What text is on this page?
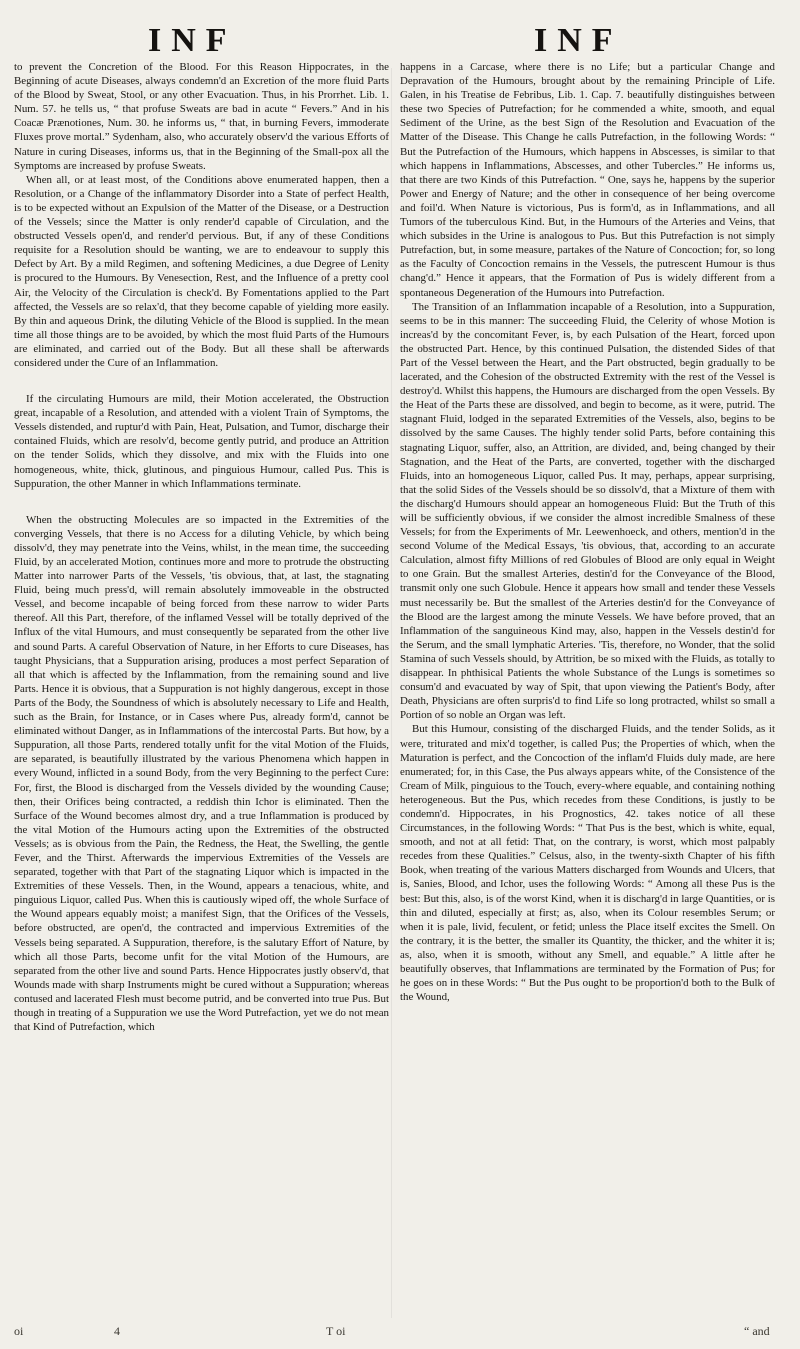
INF	INF

to prevent the Concretion of the Blood. For this Reason Hippocrates, in the Beginning of acute Diseases, always condemn'd an Excretion of the more fluid Parts of the Blood by Sweat, Stool, or any other Evacuation. Thus, in his Prorrhet. Lib. 1. Num. 57. he tells us, “ that profuse Sweats are bad in acute “ Fevers.” And in his Coacæ Prænotiones, Num. 30. he informs us, “ that, in burning Fevers, immoderate Fluxes prove mortal.” Sydenham, also, who accurately observ'd the various Efforts of Nature in curing Diseases, informs us, that in the Beginning of the Small-pox all the Symptoms are increased by profuse Sweats.

When all, or at least most, of the Conditions above enumerated happen, then a Resolution, or a Change of the inflammatory Disorder into a State of perfect Health, is to be expected without an Expulsion of the Matter of the Disease, or a Destruction of the Vessels; since the Matter is only render'd capable of Circulation, and the obstructed Vessels open'd, and render'd pervious. But, if any of these Conditions requisite for a Resolution should be wanting, we are to endeavour to supply this Defect by Art. By a mild Regimen, and softening Medicines, a due Degree of Lenity is procured to the Humours. By Venesection, Rest, and the Influence of a pretty cool Air, the Velocity of the Circulation is check'd. By Fomentations applied to the Part affected, the Vessels are so relax'd, that they become capable of yielding more easily. By thin and aqueous Drink, the diluting Vehicle of the Blood is supplied. In the mean time all those things are to be avoided, by which the most fluid Parts of the Humours are eliminated, and carried out of the Body. But all these shall be afterwards considered under the Cure of an Inflammation.

If the circulating Humours are mild, their Motion accelerated, the Obstruction great, incapable of a Resolution, and attended with a violent Train of Symptoms, the Vessels distended, and ruptur'd with Pain, Heat, Pulsation, and Tumor, discharge their contained Fluids, which are resolv'd, become gently putrid, and produce an Attrition on the tender Solids, which they dissolve, and mix with the Fluids into one homogeneous, white, thick, glutinous, and pinguious Humour, called Pus. This is Suppuration, the other Manner in which Inflammations terminate.

When the obstructing Molecules are so impacted in the Extremities of the converging Vessels, that there is no Access for a diluting Vehicle, by which being dissolv'd, they may penetrate into the Veins, whilst, in the mean time, the succeeding Fluid, by an accelerated Motion, continues more and more to protrude the obstructing Matter into narrower Parts of the Vessels, 'tis obvious, that, at last, the stagnating Fluid, being much press'd, will remain absolutely immoveable in the obstructed Vessel, and become incapable of being forced from these narrow to wider Parts thereof. All this Part, therefore, of the inflamed Vessel will be totally deprived of the Influx of the vital Humours, and must consequently be separated from the other live and sound Parts. A careful Observation of Nature, in her Efforts to cure Diseases, has taught Physicians, that a Suppuration arising, produces a most perfect Separation of all that which is affected by the Inflammation, from the remaining sound and live Parts. Hence it is obvious, that a Suppuration is not highly dangerous, except in those Parts of the Body, the Soundness of which is absolutely necessary to Life and Health, such as the Brain, for Instance, or in Cases where Pus, already form'd, cannot be eliminated without Danger, as in Inflammations of the intercostal Parts. But how, by a Suppuration, all those Parts, rendered totally unfit for the vital Motion of the Fluids, are separated, is beautifully illustrated by the various Phenomena which happen in every Wound, inflicted in a sound Body, from the very Beginning to the perfect Cure: For, first, the Blood is discharged from the Vessels divided by the wounding Cause; then, their Orifices being contracted, a reddish thin Ichor is eliminated. Then the Surface of the Wound becomes almost dry, and a true Inflammation is produced by the vital Motion of the Humours acting upon the Extremities of the obstructed Vessels; as is obvious from the Pain, the Redness, the Heat, the Swelling, the gentle Fever, and the Thirst. Afterwards the impervious Extremities of the Vessels are separated, together with that Part of the stagnating Liquor which is impacted in the Extremities of these Vessels. Then, in the Wound, appears a tenacious, white, and pinguious Liquor, called Pus. When this is cautiously wiped off, the whole Surface of the Wound appears equably moist; a manifest Sign, that the Orifices of the Vessels, before obstructed, are open'd, the contracted and impervious Extremities of the Vessels being separated. A Suppuration, therefore, is the salutary Effort of Nature, by which all those Parts, become unfit for the vital Motion of the Humours, are separated from the other live and sound Parts. Hence Hippocrates justly observ'd, that Wounds made with sharp Instruments might be cured without a Suppuration; whereas contused and lacerated Flesh must become putrid, and be converted into true Pus. But though in treating of a Suppuration we use the Word Putrefaction, yet we do not mean that Kind of Putrefaction, which

happens in a Carcase, where there is no Life; but a particular Change and Depravation of the Humours, brought about by the remaining Principle of Life. Galen, in his Treatise de Febribus, Lib. 1. Cap. 7. beautifully distinguishes between these two Species of Putrefaction; for he commended a white, smooth, and equal Sediment of the Urine, as the best Sign of the Resolution and Evacuation of the Matter of the Disease. This Change he calls Putrefaction, in the following Words: “ But the Putrefaction of the Humours, which happens in Abscesses, is similar to that which happens in Inflammations, Abscesses, and other Tubercles.” He informs us, that there are two Kinds of this Putrefaction. “ One, says he, happens by the superior Power and Energy of Nature; and the other in consequence of her being overcome and foil'd. When Nature is victorious, Pus is form'd, as in Inflammations, and all Tumors of the tuberculous Kind. But, in the Humours of the Arteries and Veins, that which subsides in the Urine is analogous to Pus. But this Putrefaction is not simply Putrefaction, but, in some measure, partakes of the Nature of Concoction; for, so long as the Faculty of Concoction remains in the Vessels, the putrescent Humour is thus chang'd.” Hence it appears, that the Formation of Pus is widely different from a spontaneous Degeneration of the Humours into Putrefaction.

The Transition of an Inflammation incapable of a Resolution, into a Suppuration, seems to be in this manner: The succeeding Fluid, the Celerity of whose Motion is increas'd by the concomitant Fever, is, by each Pulsation of the Heart, forced upon the obstructed Part. Hence, by this continued Pulsation, the distended Sides of that Part of the Vessel between the Heart, and the Part obstructed, begin gradually to be lacerated, and the Cohesion of the obstructed Extremity with the rest of the Vessel is destroy'd. Whilst this happens, the Humours are discharged from the open Vessels. By the Heat of the Parts these are dissolved, and begin to become, as it were, putrid. The stagnant Fluid, lodged in the separated Extremities of the Vessels, also, begins to be dissolved by the same Causes. The highly tender solid Parts, before containing this stagnating Liquor, suffer, also, an Attrition, are divided, and, being changed by their Stagnation, and the Heat of the Parts, are converted, together with the discharged Fluids, into an homogeneous Liquor, called Pus. It may, perhaps, appear surprising, that the solid Sides of the Vessels should be so dissolv'd, that a Mixture of them with the discharg'd Humours should appear an homogeneous Fluid: But the Truth of this will be sufficiently obvious, if we consider the almost incredible Smalness of these Vessels; for from the Experiments of Mr. Leewenhoeck, and others, mention'd in the second Volume of the Medical Essays, 'tis obvious, that, according to an accurate Calculation, almost fifty Millions of red Globules of Blood are only equal in Weight to one Grain. But the smallest Arteries, destin'd for the Conveyance of the Blood, transmit only one such Globule. Hence it appears how small and tender these Vessels must necessarily be. But the smallest of the Arteries destin'd for the Conveyance of the Blood are the largest among the minute Vessels. We have before proved, that an Inflammation of the sanguineous Kind may, also, happen in the Vessels destin'd for the Serum, and the small lymphatic Arteries. 'Tis, therefore, no Wonder, that the solid Stamina of such Vessels should, by Attrition, be so mixed with the Fluids, as totally to disappear. In phthisical Patients the whole Substance of the Lungs is sometimes so consum'd and evacuated by way of Spit, that upon viewing the Patient's Body, after Death, Physicians are often surpris'd to find Life so long protracted, whilst so small a Portion of so noble an Organ was left.

But this Humour, consisting of the discharged Fluids, and the tender Solids, as it were, triturated and mix'd together, is called Pus; the Properties of which, when the Maturation is perfect, and the Concoction of the inflam'd Fluids duly made, are here enumerated; for, in this Case, the Pus always appears white, of the Consistence of the Cream of Milk, pinguious to the Touch, every-where equable, and containing nothing heterogeneous. But the Pus, which recedes from these Conditions, is justly to be condemn'd. Hippocrates, in his Prognostics, 42. takes notice of all these Circumstances, in the following Words: “ That Pus is the best, which is white, equal, smooth, and not at all fetid: That, on the contrary, is worst, which most palpably recedes from these Qualities.” Celsus, also, in the twenty-sixth Chapter of his fifth Book, when treating of the various Matters discharged from Wounds and Ulcers, that is, Sanies, Blood, and Ichor, uses the following Words: “ Among all these Pus is the best: But this, also, is of the worst Kind, when it is discharg'd in large Quantities, or is thin and diluted, especially at first; as, also, when its Colour resembles Serum; or when it is pale, livid, feculent, or fetid; unless the Place itself excites the Smell. On the contrary, it is the better, the smaller its Quantity, the thicker, and the whiter it is; as, also, when it is smooth, without any Smell, and equable.” A little after he beautifully observes, that Inflammations are terminated by the Formation of Pus; for he goes on in these Words: “ But the Pus ought to be proportion'd both to the Bulk of the Wound,

oi	4	T oi	“ and
